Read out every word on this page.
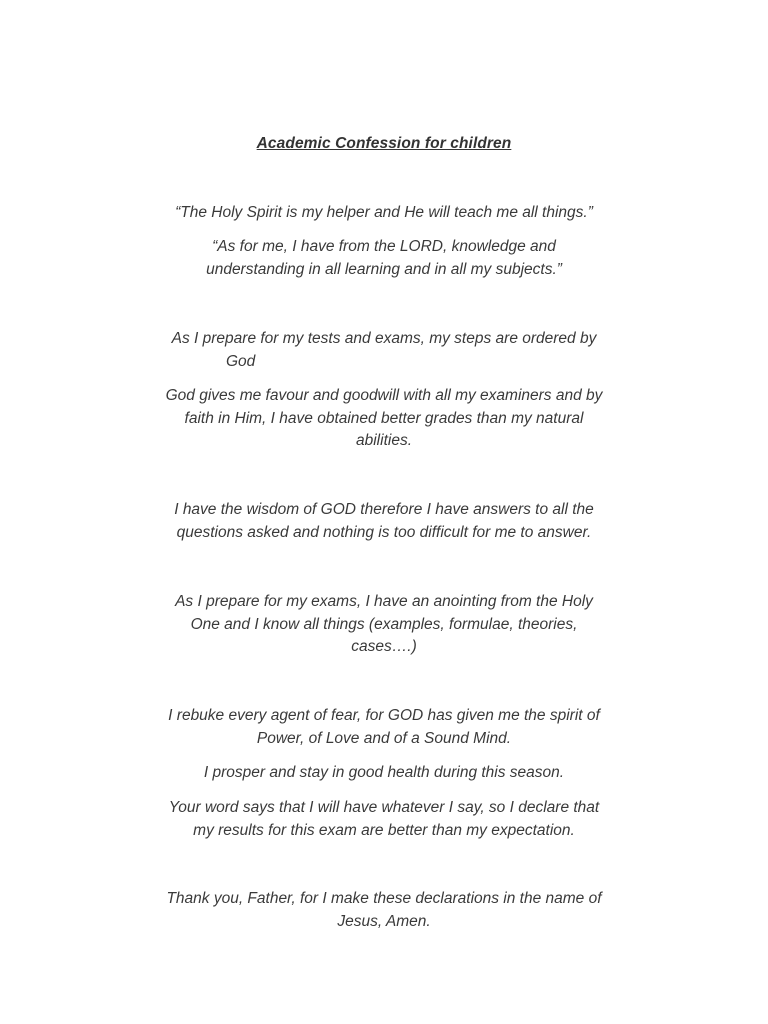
Academic Confession for children
“The Holy Spirit is my helper and He will teach me all things.”
“As for me, I have from the LORD, knowledge and
understanding in all learning and in all my subjects.”
As I prepare for my tests and exams, my steps are ordered by
God
God gives me favour and goodwill with all my examiners and by
faith in Him, I have obtained better grades than my natural
abilities.
I have the wisdom of GOD therefore I have answers to all the
questions asked and nothing is too difficult for me to answer.
As I prepare for my exams, I have an anointing from the Holy
One and I know all things (examples, formulae, theories,
cases….)
I rebuke every agent of fear, for GOD has given me the spirit of
Power, of Love and of a Sound Mind.
I prosper and stay in good health during this season.
Your word says that I will have whatever I say, so I declare that
my results for this exam are better than my expectation.
Thank you, Father, for I make these declarations in the name of
Jesus, Amen.
